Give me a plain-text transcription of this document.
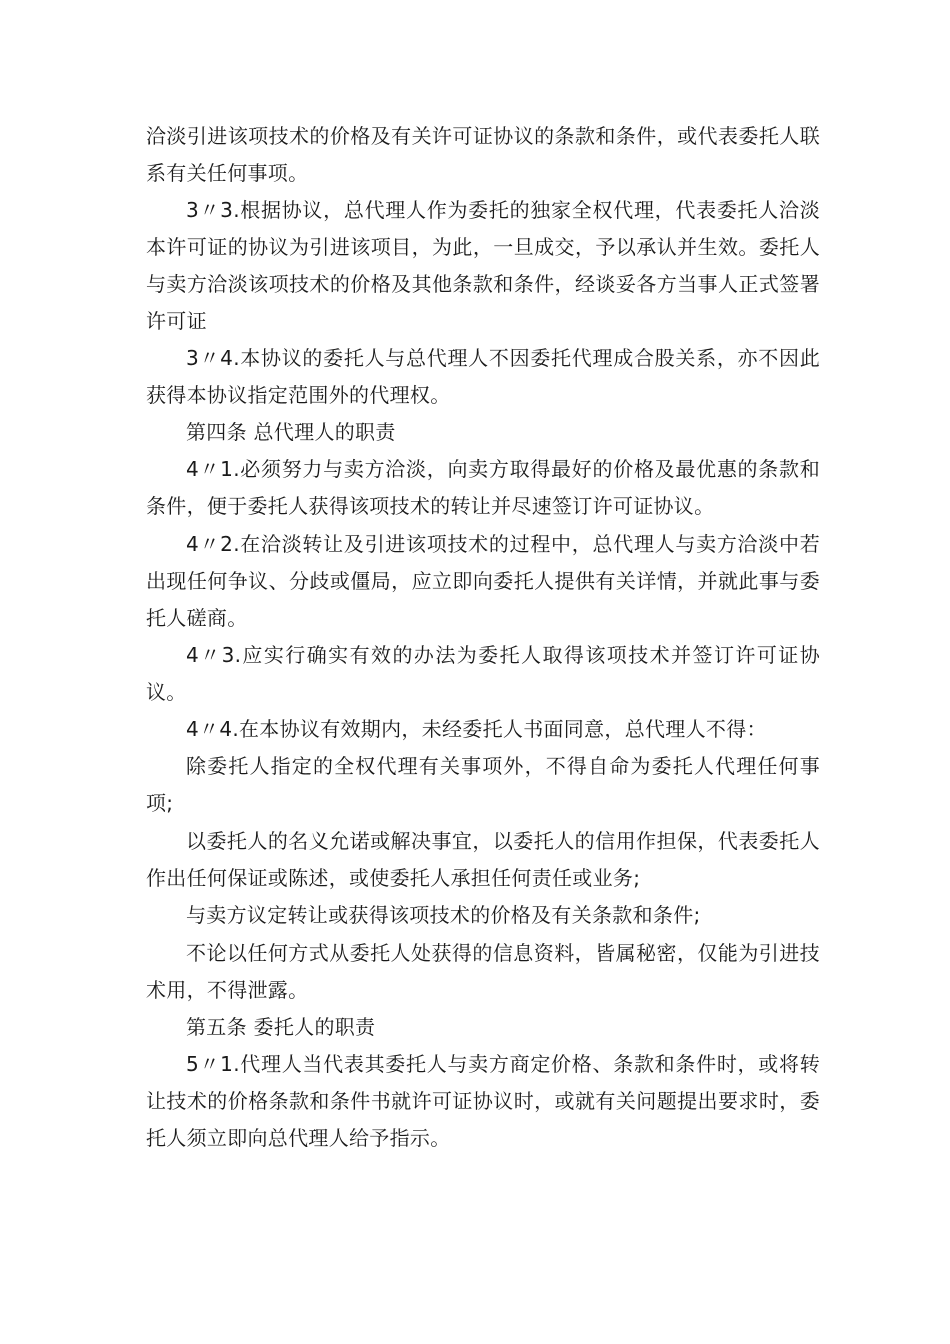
洽淡引进该项技术的价格及有关许可证协议的条款和条件，或代表委托人联系有关任何事项。

3〃3.根据协议，总代理人作为委托的独家全权代理，代表委托人洽淡本许可证的协议为引进该项目，为此，一旦成交，予以承认并生效。委托人与卖方洽淡该项技术的价格及其他条款和条件，经谈妥各方当事人正式签署许可证

3〃4.本协议的委托人与总代理人不因委托代理成合股关系，亦不因此获得本协议指定范围外的代理权。

第四条 总代理人的职责

4〃1.必须努力与卖方洽淡，向卖方取得最好的价格及最优惠的条款和条件，便于委托人获得该项技术的转让并尽速签订许可证协议。

4〃2.在洽淡转让及引进该项技术的过程中，总代理人与卖方洽淡中若出现任何争议、分歧或僵局，应立即向委托人提供有关详情，并就此事与委托人磋商。

4〃3.应实行确实有效的办法为委托人取得该项技术并签订许可证协议。

4〃4.在本协议有效期内，未经委托人书面同意，总代理人不得：

除委托人指定的全权代理有关事项外，不得自命为委托人代理任何事项;

以委托人的名义允诺或解决事宜，以委托人的信用作担保，代表委托人作出任何保证或陈述，或使委托人承担任何责任或业务;

与卖方议定转让或获得该项技术的价格及有关条款和条件;

不论以任何方式从委托人处获得的信息资料，皆属秘密，仅能为引进技术用，不得泄露。

第五条 委托人的职责

5〃1.代理人当代表其委托人与卖方商定价格、条款和条件时，或将转让技术的价格条款和条件书就许可证协议时，或就有关问题提出要求时，委托人须立即向总代理人给予指示。
